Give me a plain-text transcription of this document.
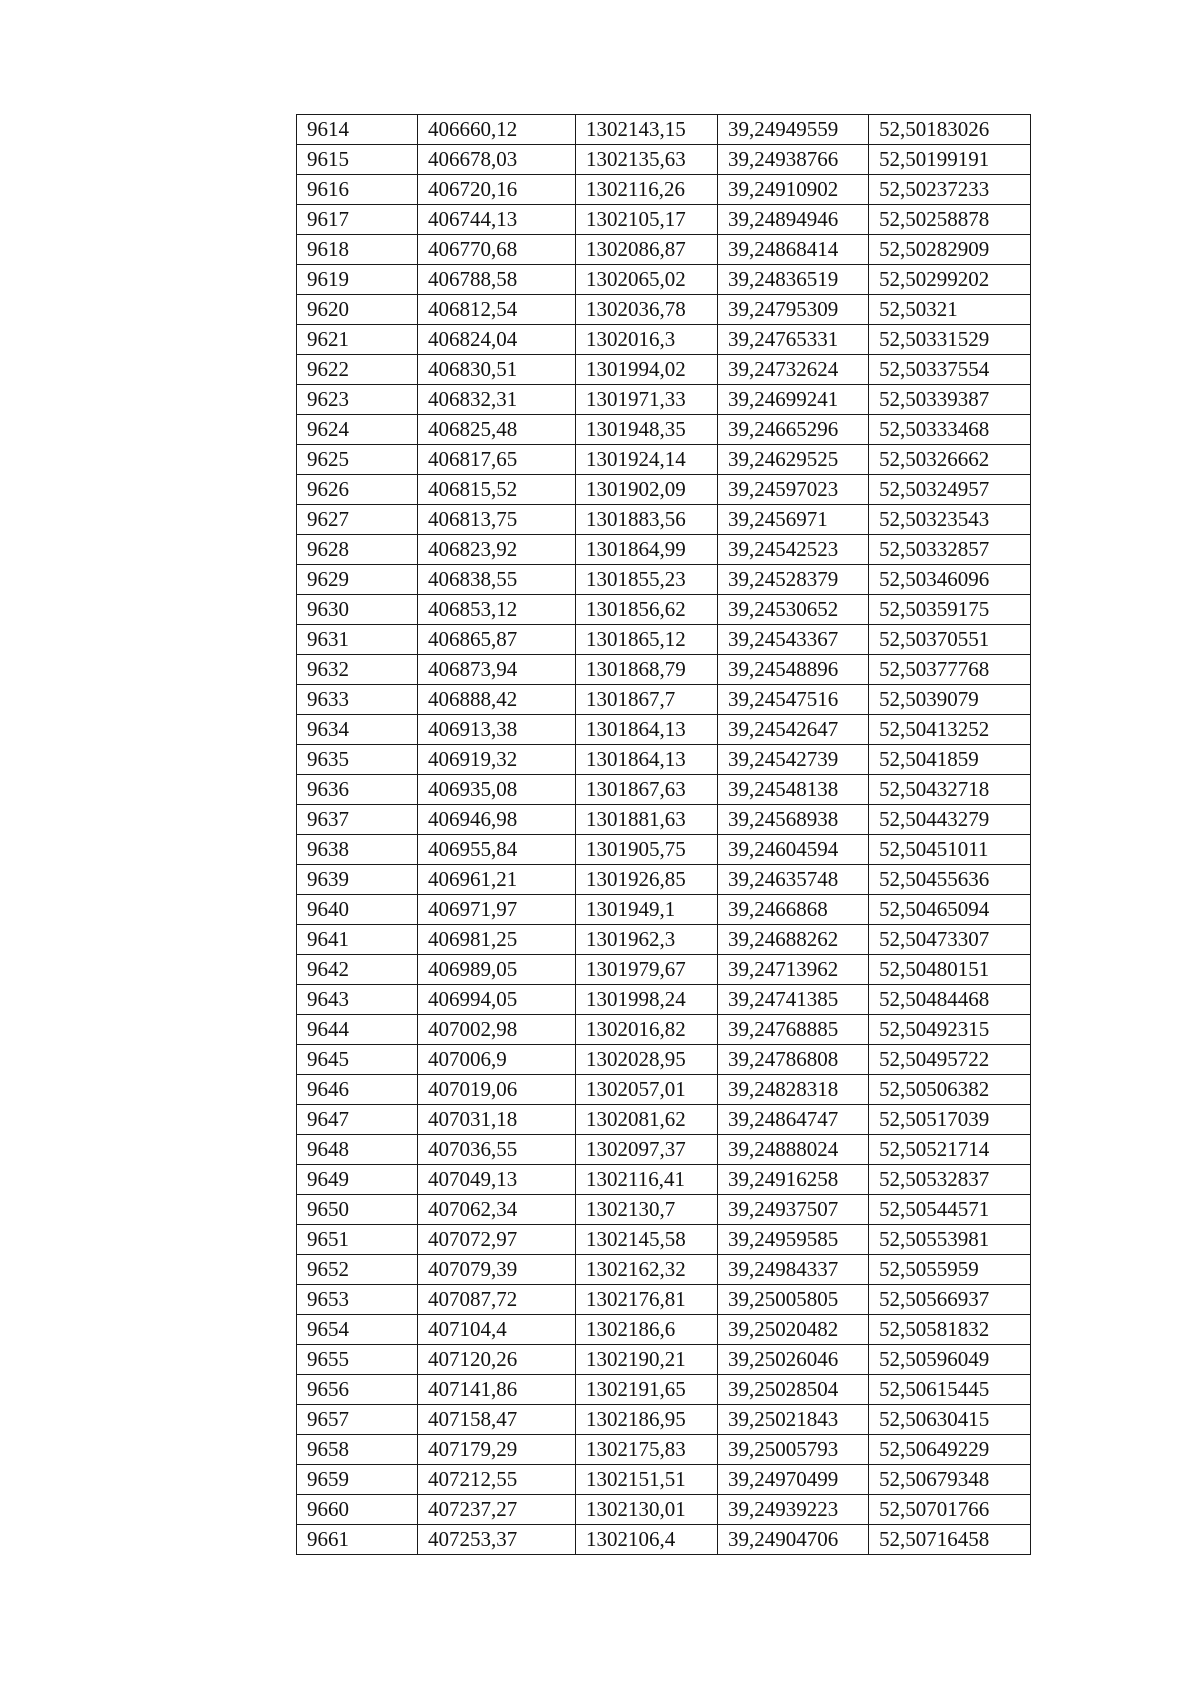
9614	406660,12	1302143,15	39,24949559	52,50183026
9615	406678,03	1302135,63	39,24938766	52,50199191
9616	406720,16	1302116,26	39,24910902	52,50237233
9617	406744,13	1302105,17	39,24894946	52,50258878
9618	406770,68	1302086,87	39,24868414	52,50282909
9619	406788,58	1302065,02	39,24836519	52,50299202
9620	406812,54	1302036,78	39,24795309	52,50321
9621	406824,04	1302016,3	39,24765331	52,50331529
9622	406830,51	1301994,02	39,24732624	52,50337554
9623	406832,31	1301971,33	39,24699241	52,50339387
9624	406825,48	1301948,35	39,24665296	52,50333468
9625	406817,65	1301924,14	39,24629525	52,50326662
9626	406815,52	1301902,09	39,24597023	52,50324957
9627	406813,75	1301883,56	39,2456971	52,50323543
9628	406823,92	1301864,99	39,24542523	52,50332857
9629	406838,55	1301855,23	39,24528379	52,50346096
9630	406853,12	1301856,62	39,24530652	52,50359175
9631	406865,87	1301865,12	39,24543367	52,50370551
9632	406873,94	1301868,79	39,24548896	52,50377768
9633	406888,42	1301867,7	39,24547516	52,5039079
9634	406913,38	1301864,13	39,24542647	52,50413252
9635	406919,32	1301864,13	39,24542739	52,5041859
9636	406935,08	1301867,63	39,24548138	52,50432718
9637	406946,98	1301881,63	39,24568938	52,50443279
9638	406955,84	1301905,75	39,24604594	52,50451011
9639	406961,21	1301926,85	39,24635748	52,50455636
9640	406971,97	1301949,1	39,2466868	52,50465094
9641	406981,25	1301962,3	39,24688262	52,50473307
9642	406989,05	1301979,67	39,24713962	52,50480151
9643	406994,05	1301998,24	39,24741385	52,50484468
9644	407002,98	1302016,82	39,24768885	52,50492315
9645	407006,9	1302028,95	39,24786808	52,50495722
9646	407019,06	1302057,01	39,24828318	52,50506382
9647	407031,18	1302081,62	39,24864747	52,50517039
9648	407036,55	1302097,37	39,24888024	52,50521714
9649	407049,13	1302116,41	39,24916258	52,50532837
9650	407062,34	1302130,7	39,24937507	52,50544571
9651	407072,97	1302145,58	39,24959585	52,50553981
9652	407079,39	1302162,32	39,24984337	52,5055959
9653	407087,72	1302176,81	39,25005805	52,50566937
9654	407104,4	1302186,6	39,25020482	52,50581832
9655	407120,26	1302190,21	39,25026046	52,50596049
9656	407141,86	1302191,65	39,25028504	52,50615445
9657	407158,47	1302186,95	39,25021843	52,50630415
9658	407179,29	1302175,83	39,25005793	52,50649229
9659	407212,55	1302151,51	39,24970499	52,50679348
9660	407237,27	1302130,01	39,24939223	52,50701766
9661	407253,37	1302106,4	39,24904706	52,50716458
